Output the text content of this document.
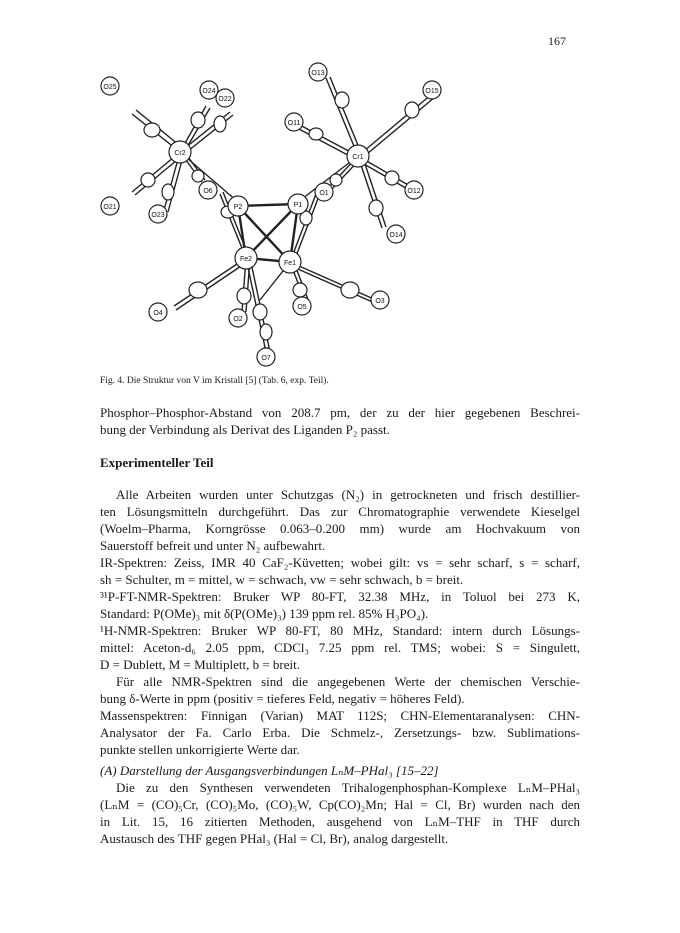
167
Cr2
Cr1
P2	P1
Fe2
Fe1
O25
O24
O22
O21
O23
O6
O13
O15
O11
O12
O14
O1
O4
O2
O5
O3
O7
Fig. 4. Die Struktur von V im Kristall [5] (Tab. 6, exp. Teil).
Phosphor–Phosphor-Abstand von 208.7 pm, der zu der hier gegebenen Beschrei-
bung der Verbindung als Derivat des Liganden P₂ passt.
Experimenteller Teil
Alle Arbeiten wurden unter Schutzgas (N₂) in getrockneten und frisch destillier-
ten Lösungsmitteln durchgeführt. Das zur Chromatographie verwendete Kieselgel
(Woelm–Pharma, Korngrösse 0.063–0.200 mm) wurde am Hochvakuum von
Sauerstoff befreit und unter N₂ aufbewahrt.
IR-Spektren: Zeiss, IMR 40 CaF₂-Küvetten; wobei gilt: vs = sehr scharf, s = scharf,
sh = Schulter, m = mittel, w = schwach, vw = sehr schwach, b = breit.
³¹P-FT-NMR-Spektren: Bruker WP 80-FT, 32.38 MHz, in Toluol bei 273 K,
Standard: P(OMe)₃ mit δ(P(OMe)₃) 139 ppm rel. 85% H₃PO₄).
¹H-NMR-Spektren: Bruker WP 80-FT, 80 MHz, Standard: intern durch Lösungs-
mittel: Aceton-d₆ 2.05 ppm, CDCl₃ 7.25 ppm rel. TMS; wobei: S = Singulett,
D = Dublett, M = Multiplett, b = breit.
Für alle NMR-Spektren sind die angegebenen Werte der chemischen Verschie-
bung δ-Werte in ppm (positiv = tieferes Feld, negativ = höheres Feld).
Massenspektren: Finnigan (Varian) MAT 112S; CHN-Elementaranalysen: CHN-
Analysator der Fa. Carlo Erba. Die Schmelz-, Zersetzungs- bzw. Sublimations-
punkte stellen unkorrigierte Werte dar.
(A) Darstellung der Ausgangsverbindungen LₙM–PHal₃ [15–22]
Die zu den Synthesen verwendeten Trihalogenphosphan-Komplexe LₙM–PHal₃
(LₙM = (CO)₅Cr, (CO)₅Mo, (CO)₅W, Cp(CO)₂Mn; Hal = Cl, Br) wurden nach den
in Lit. 15, 16 zitierten Methoden, ausgehend von LₙM–THF in THF durch
Austausch des THF gegen PHal₃ (Hal = Cl, Br), analog dargestellt.
